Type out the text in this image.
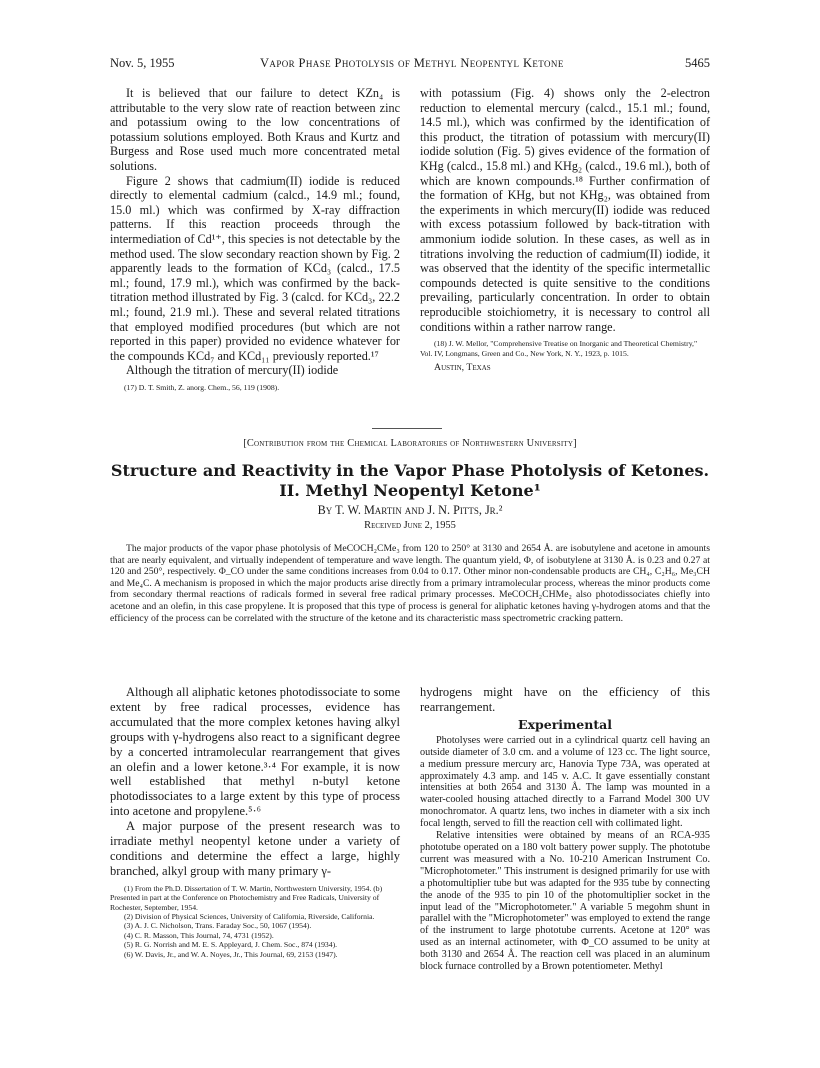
Nov. 5, 1955	Vapor Phase Photolysis of Methyl Neopentyl Ketone	5465

It is believed that our failure to detect KZn₄ is attributable to the very slow rate of reaction between zinc and potassium owing to the low concentrations of potassium solutions employed. Both Kraus and Kurtz and Burgess and Rose used much more concentrated metal solutions.

Figure 2 shows that cadmium(II) iodide is reduced directly to elemental cadmium (calcd., 14.9 ml.; found, 15.0 ml.) which was confirmed by X-ray diffraction patterns. If this reaction proceeds through the intermediation of Cd¹⁺, this species is not detectable by the method used. The slow secondary reaction shown by Fig. 2 apparently leads to the formation of KCd₃ (calcd., 17.5 ml.; found, 17.9 ml.), which was confirmed by the back-titration method illustrated by Fig. 3 (calcd. for KCd₃, 22.2 ml.; found, 21.9 ml.). These and several related titrations that employed modified procedures (but which are not reported in this paper) provided no evidence whatever for the compounds KCd₇ and KCd₁₁ previously reported.¹⁷

Although the titration of mercury(II) iodide

(17) D. T. Smith, Z. anorg. Chem., 56, 119 (1908).

with potassium (Fig. 4) shows only the 2-electron reduction to elemental mercury (calcd., 15.1 ml.; found, 14.5 ml.), which was confirmed by the identification of this product, the titration of potassium with mercury(II) iodide solution (Fig. 5) gives evidence of the formation of KHg (calcd., 15.8 ml.) and KHg₂ (calcd., 19.6 ml.), both of which are known compounds.¹⁸ Further confirmation of the formation of KHg, but not KHg₂, was obtained from the experiments in which mercury(II) iodide was reduced with excess potassium followed by back-titration with ammonium iodide solution. In these cases, as well as in titrations involving the reduction of cadmium(II) iodide, it was observed that the identity of the specific intermetallic compounds detected is quite sensitive to the conditions prevailing, particularly concentration. In order to obtain reproducible stoichiometry, it is necessary to control all conditions within a rather narrow range.

(18) J. W. Mellor, "Comprehensive Treatise on Inorganic and Theoretical Chemistry," Vol. IV, Longmans, Green and Co., New York, N. Y., 1923, p. 1015.

Austin, Texas

[Contribution from the Chemical Laboratories of Northwestern University]
Structure and Reactivity in the Vapor Phase Photolysis of Ketones. II. Methyl Neopentyl Ketone¹
By T. W. Martin and J. N. Pitts, Jr.²
Received June 2, 1955

The major products of the vapor phase photolysis of MeCOCH₂CMe₃ from 120 to 250° at 3130 and 2654 Å. are isobutylene and acetone in amounts that are nearly equivalent, and virtually independent of temperature and wave length. The quantum yield, Φ, of isobutylene at 3130 Å. is 0.23 and 0.27 at 120 and 250°, respectively. Φ_CO under the same conditions increases from 0.04 to 0.17. Other minor non-condensable products are CH₄, C₂H₆, Me₃CH and Me₄C. A mechanism is proposed in which the major products arise directly from a primary intramolecular process, whereas the minor products come from secondary thermal reactions of radicals formed in several free radical primary processes. MeCOCH₂CHMe₂ also photodissociates chiefly into acetone and an olefin, in this case propylene. It is proposed that this type of process is general for aliphatic ketones having γ-hydrogen atoms and that the efficiency of the process can be correlated with the structure of the ketone and its characteristic mass spectrometric cracking pattern.

Although all aliphatic ketones photodissociate to some extent by free radical processes, evidence has accumulated that the more complex ketones having alkyl groups with γ-hydrogens also react to a significant degree by a concerted intramolecular rearrangement that gives an olefin and a lower ketone.³·⁴ For example, it is now well established that methyl n-butyl ketone photodissociates to a large extent by this type of process into acetone and propylene.⁵·⁶

A major purpose of the present research was to irradiate methyl neopentyl ketone under a variety of conditions and determine the effect a large, highly branched, alkyl group with many primary γ-

(1) From the Ph.D. Dissertation of T. W. Martin, Northwestern University, 1954. (b) Presented in part at the Conference on Photochemistry and Free Radicals, University of Rochester, September, 1954.

(2) Division of Physical Sciences, University of California, Riverside, California.

(3) A. J. C. Nicholson, Trans. Faraday Soc., 50, 1067 (1954).

(4) C. R. Masson, This Journal, 74, 4731 (1952).

(5) R. G. Norrish and M. E. S. Appleyard, J. Chem. Soc., 874 (1934).

(6) W. Davis, Jr., and W. A. Noyes, Jr., This Journal, 69, 2153 (1947).

hydrogens might have on the efficiency of this rearrangement.

Experimental

Photolyses were carried out in a cylindrical quartz cell having an outside diameter of 3.0 cm. and a volume of 123 cc. The light source, a medium pressure mercury arc, Hanovia Type 73A, was operated at approximately 4.3 amp. and 145 v. A.C. It gave essentially constant intensities at both 2654 and 3130 Å. The lamp was mounted in a water-cooled housing attached directly to a Farrand Model 300 UV monochromator. A quartz lens, two inches in diameter with a six inch focal length, served to fill the reaction cell with collimated light.

Relative intensities were obtained by means of an RCA-935 phototube operated on a 180 volt battery power supply. The phototube current was measured with a No. 10-210 American Instrument Co. "Microphotometer." This instrument is designed primarily for use with a photomultiplier tube but was adapted for the 935 tube by connecting the anode of the 935 to pin 10 of the photomultiplier socket in the input lead of the "Microphotometer." A variable 5 megohm shunt in parallel with the "Microphotometer" was employed to extend the range of the instrument to large phototube currents. Acetone at 120° was used as an internal actinometer, with Φ_CO assumed to be unity at both 3130 and 2654 Å. The reaction cell was placed in an aluminum block furnace controlled by a Brown potentiometer. Methyl
